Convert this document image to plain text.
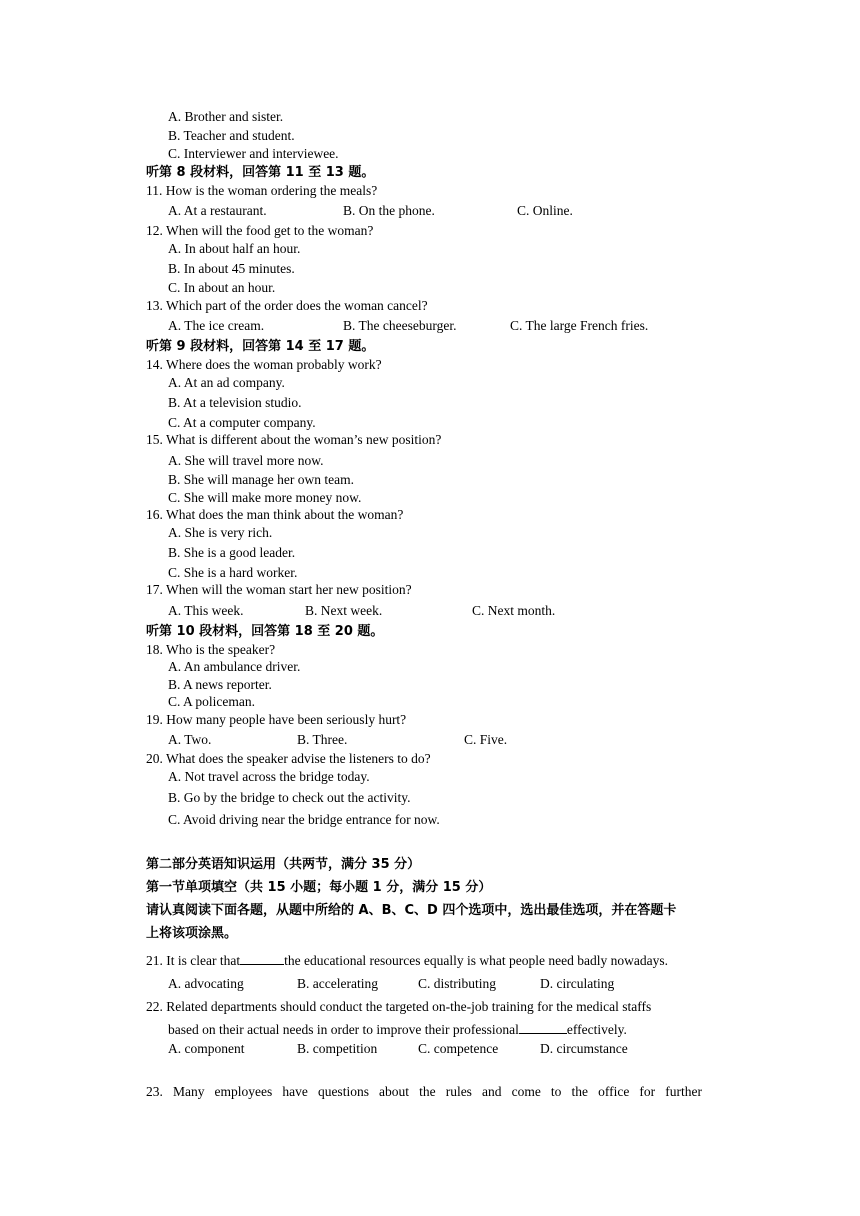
A. Brother and sister.
B. Teacher and student.
C. Interviewer and interviewee.
听第 8 段材料，回答第 11 至 13 题。
11. How is the woman ordering the meals?
A. At a restaurant.	B. On the phone.	C. Online.
12. When will the food get to the woman?
A. In about half an hour.
B. In about 45 minutes.
C. In about an hour.
13. Which part of the order does the woman cancel?
A. The ice cream.	B. The cheeseburger.	C. The large French fries.
听第 9 段材料，回答第 14 至 17 题。
14. Where does the woman probably work?
A. At an ad company.
B. At a television studio.
C. At a computer company.
15. What is different about the woman’s new position?
A. She will travel more now.
B. She will manage her own team.
C. She will make more money now.
16. What does the man think about the woman?
A. She is very rich.
B. She is a good leader.
C. She is a hard worker.
17. When will the woman start her new position?
A. This week.	B. Next week.	C. Next month.
听第 10 段材料，回答第 18 至 20 题。
18. Who is the speaker?
A. An ambulance driver.
B. A news reporter.
C. A policeman.
19. How many people have been seriously hurt?
A. Two.	B. Three.	C. Five.
20. What does the speaker advise the listeners to do?
A. Not travel across the bridge today.
B. Go by the bridge to check out the activity.
C. Avoid driving near the bridge entrance for now.
第二部分英语知识运用（共两节，满分 35 分）
第一节单项填空（共 15 小题；每小题 1 分，满分 15 分）
请认真阅读下面各题，从题中所给的 A、B、C、D 四个选项中，选出最佳选项，并在答题卡
上将该项涂黑。
21. It is clear that	the educational resources equally is what people need badly nowadays.
A. advocating	B. accelerating	C. distributing	D. circulating
22. Related departments should conduct the targeted on-the-job training for the medical staffs
based on their actual needs in order to improve their professional	effectively.
A. component	B. competition	C. competence	D. circumstance
23. Many employees have questions about the rules and come to the office for further
